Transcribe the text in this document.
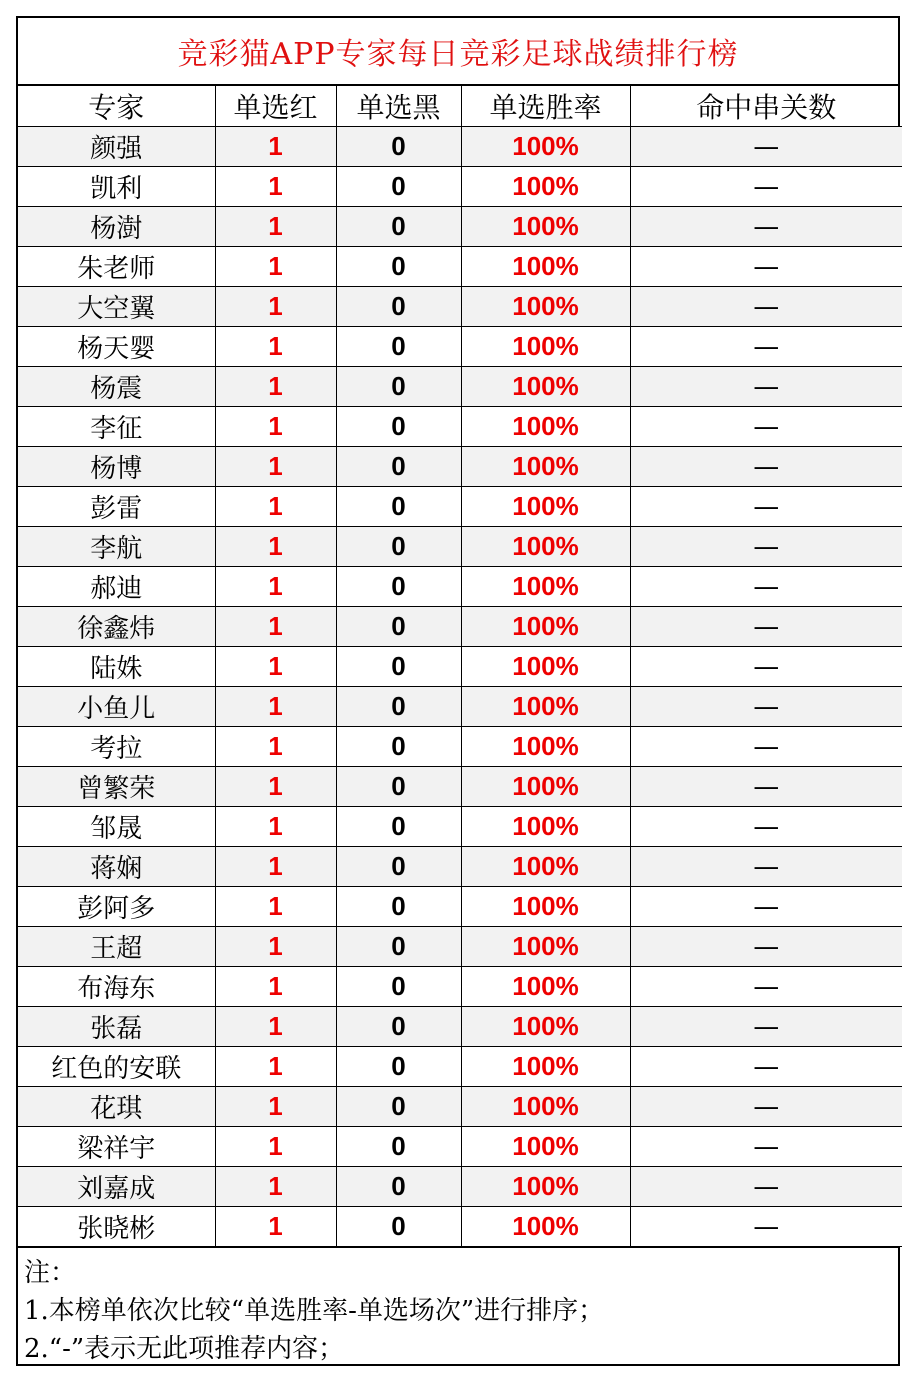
竞彩猫APP专家每日竞彩足球战绩排行榜
专家	单选红	单选黑	单选胜率	命中串关数
颜强	1	0	100%	—
凯利	1	0	100%	—
杨澍	1	0	100%	—
朱老师	1	0	100%	—
大空翼	1	0	100%	—
杨天婴	1	0	100%	—
杨震	1	0	100%	—
李征	1	0	100%	—
杨博	1	0	100%	—
彭雷	1	0	100%	—
李航	1	0	100%	—
郝迪	1	0	100%	—
徐鑫炜	1	0	100%	—
陆姝	1	0	100%	—
小鱼儿	1	0	100%	—
考拉	1	0	100%	—
曾繁荣	1	0	100%	—
邹晟	1	0	100%	—
蒋娴	1	0	100%	—
彭阿多	1	0	100%	—
王超	1	0	100%	—
布海东	1	0	100%	—
张磊	1	0	100%	—
红色的安联	1	0	100%	—
花琪	1	0	100%	—
梁祥宇	1	0	100%	—
刘嘉成	1	0	100%	—
张晓彬	1	0	100%	—
注：
1.本榜单依次比较“单选胜率-单选场次”进行排序；
2.“-”表示无此项推荐内容；
